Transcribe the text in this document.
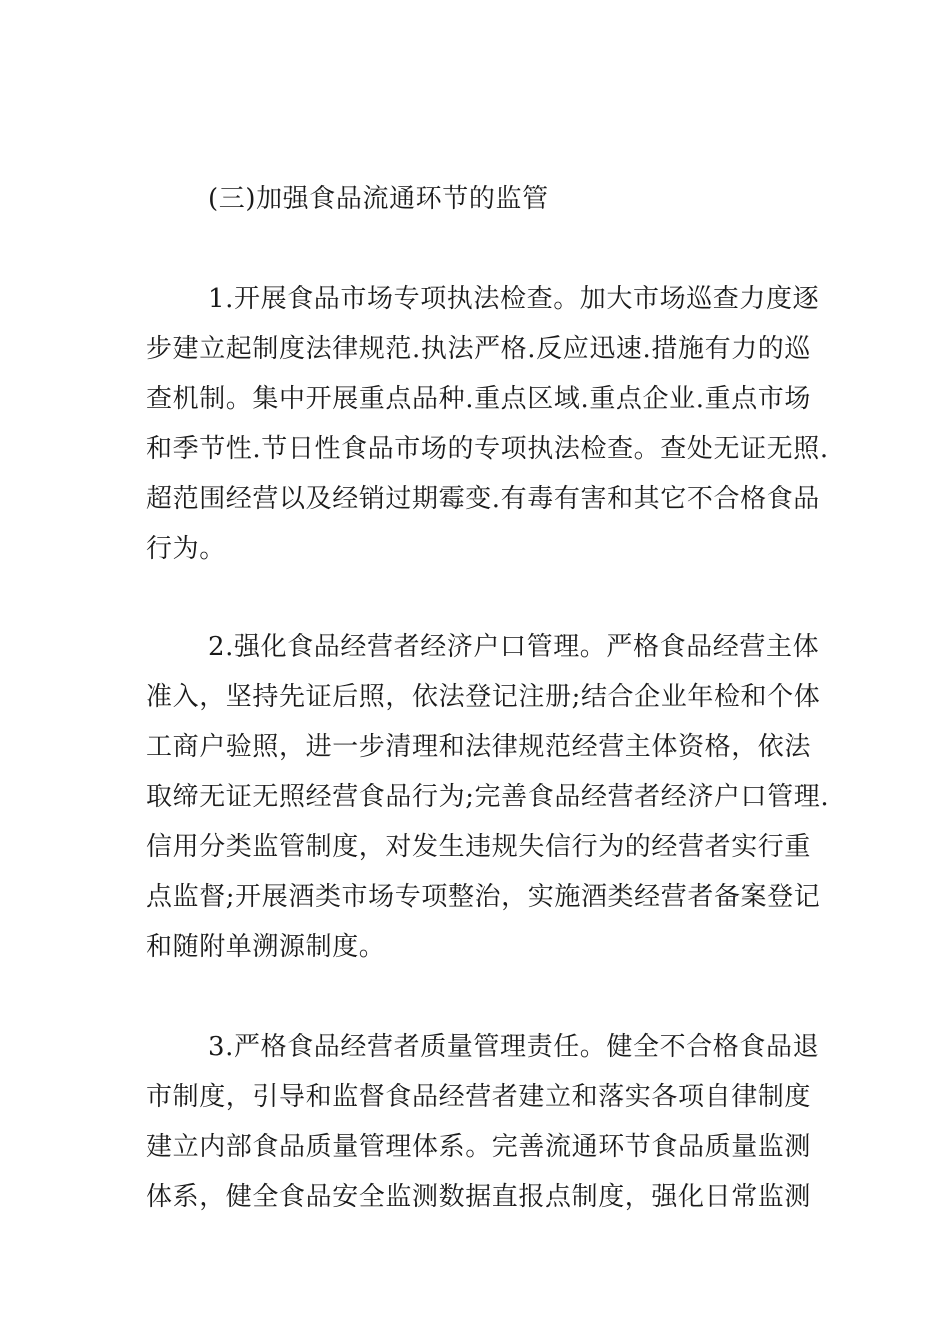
(三)加强食品流通环节的监管

1.开展食品市场专项执法检查。加大市场巡查力度逐

步建立起制度法律规范.执法严格.反应迅速.措施有力的巡

查机制。集中开展重点品种.重点区域.重点企业.重点市场

和季节性.节日性食品市场的专项执法检查。查处无证无照.

超范围经营以及经销过期霉变.有毒有害和其它不合格食品

行为。

2.强化食品经营者经济户口管理。严格食品经营主体

准入，坚持先证后照，依法登记注册;结合企业年检和个体

工商户验照，进一步清理和法律规范经营主体资格，依法

取缔无证无照经营食品行为;完善食品经营者经济户口管理.

信用分类监管制度，对发生违规失信行为的经营者实行重

点监督;开展酒类市场专项整治，实施酒类经营者备案登记

和随附单溯源制度。

3.严格食品经营者质量管理责任。健全不合格食品退

市制度，引导和监督食品经营者建立和落实各项自律制度

建立内部食品质量管理体系。完善流通环节食品质量监测

体系，健全食品安全监测数据直报点制度，强化日常监测
